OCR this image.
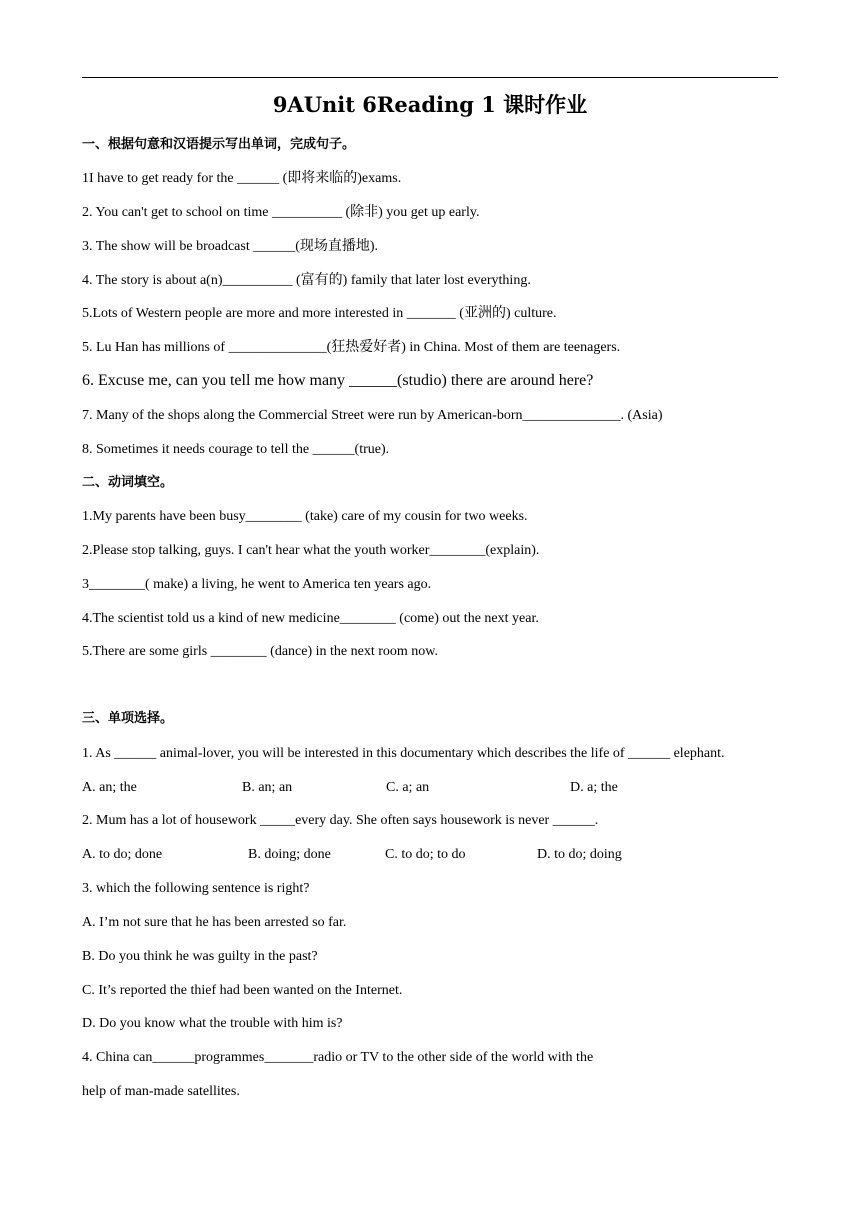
9AUnit 6Reading 1 课时作业
一、根据句意和汉语提示写出单词，完成句子。
1I have to get ready for the ______ (即将来临的)exams.
2. You can't get to school on time __________ (除非) you get up early.
3. The show will be broadcast ______(现场直播地).
4. The story is about a(n)__________ (富有的) family that later lost everything.
5.Lots of Western people are more and more interested in _______ (亚洲的) culture.
5. Lu Han has millions of ______________(狂热爱好者) in China. Most of them are teenagers.
6. Excuse me, can you tell me how many ______(studio) there are around here?
7. Many of the shops along the Commercial Street were run by American-born______________. (Asia)
8. Sometimes it needs courage to tell the ______(true).
二、动词填空。
1.My parents have been busy________ (take) care of my cousin for two weeks.
2.Please stop talking, guys. I can't hear what the youth worker________(explain).
3________( make) a living, he went to America ten years ago.
4.The scientist told us a kind of new medicine________ (come) out the next year.
5.There are some girls ________ (dance) in the next room now.
三、单项选择。
1. As ______ animal-lover, you will be interested in this documentary which describes the life of ______ elephant.
A. an; the	B. an; an	C. a; an	D. a; the
2. Mum has a lot of housework _____every day. She often says housework is never ______.
A. to do; done	B. doing; done	C. to do; to do	D. to do; doing
3. which the following sentence is right?
A. I’m not sure that he has been arrested so far.
B. Do you think he was guilty in the past?
C. It’s reported the thief had been wanted on the Internet.
D. Do you know what the trouble with him is?
4. China can______programmes_______radio or TV to the other side of the world with the
help of man-made satellites.
